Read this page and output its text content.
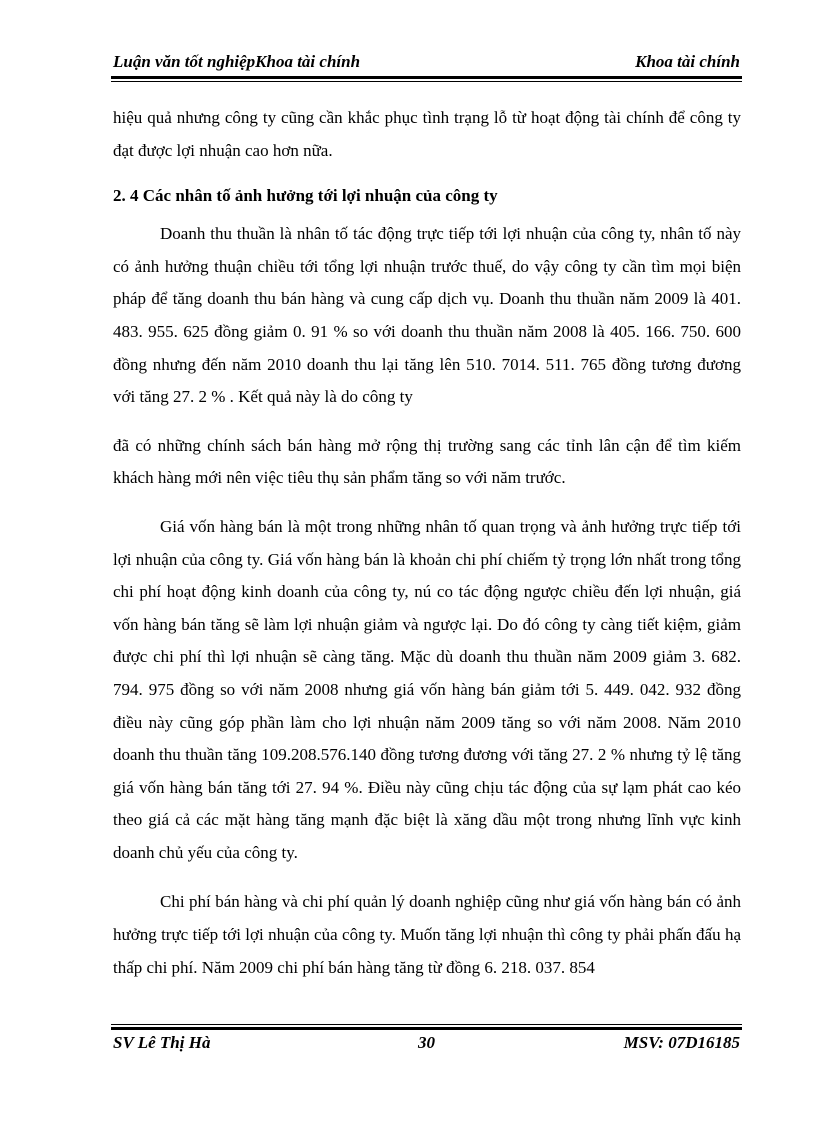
Luận văn tốt nghiệpKhoa tài chính	Khoa tài chính

hiệu quả nhưng công ty cũng cần khắc phục tình trạng lỗ từ hoạt động tài chính để công ty đạt được lợi nhuận cao hơn nữa.

2. 4 Các nhân tố ảnh hưởng tới lợi nhuận của công ty

Doanh thu thuần là nhân tố tác động trực tiếp tới lợi nhuận của công ty, nhân tố này có ảnh hưởng thuận chiều tới tổng lợi nhuận trước thuế, do vậy công ty cần tìm mọi biện pháp để tăng doanh thu bán hàng và cung cấp dịch vụ. Doanh thu thuần năm 2009 là 401. 483. 955. 625 đồng giảm 0. 91 % so với doanh thu thuần năm 2008 là 405. 166. 750. 600 đồng nhưng đến năm 2010 doanh thu lại tăng lên 510. 7014. 511. 765 đồng tương đương với tăng 27. 2 % . Kết quả này là do công ty

đã có những chính sách bán hàng mở rộng thị trường sang các tỉnh lân cận để tìm kiếm khách hàng mới nên việc tiêu thụ sản phẩm tăng so với năm trước.

Giá vốn hàng bán là một trong những nhân tố quan trọng và ảnh hưởng trực tiếp tới lợi nhuận của công ty. Giá vốn hàng bán là khoản chi phí chiếm tỷ trọng lớn nhất trong tổng chi phí hoạt động kinh doanh của công ty, nú co tác động ngược chiều đến lợi nhuận, giá vốn hàng bán tăng sẽ làm lợi nhuận giảm và ngược lại. Do đó công ty càng tiết kiệm, giảm được chi phí thì lợi nhuận sẽ càng tăng. Mặc dù doanh thu thuần năm 2009 giảm 3. 682. 794. 975 đồng so với năm 2008 nhưng giá vốn hàng bán giảm tới 5. 449. 042. 932 đồng điều này cũng góp phần làm cho lợi nhuận năm 2009 tăng so với năm 2008. Năm 2010 doanh thu thuần tăng 109.208.576.140 đồng tương đương với tăng 27. 2 % nhưng tỷ lệ tăng giá vốn hàng bán tăng tới 27. 94 %. Điều này cũng chịu tác động của sự lạm phát cao kéo theo giá cả các mặt hàng tăng mạnh đặc biệt là xăng dầu một trong nhưng lĩnh vực kinh doanh chủ yếu của công ty.

Chi phí bán hàng và chi phí quản lý doanh nghiệp cũng như giá vốn hàng bán có ảnh hưởng trực tiếp tới lợi nhuận của công ty. Muốn tăng lợi nhuận thì công ty phải phấn đấu hạ thấp chi phí. Năm 2009 chi phí bán hàng tăng từ đồng 6. 218. 037. 854

SV Lê Thị Hà	30	MSV: 07D16185
